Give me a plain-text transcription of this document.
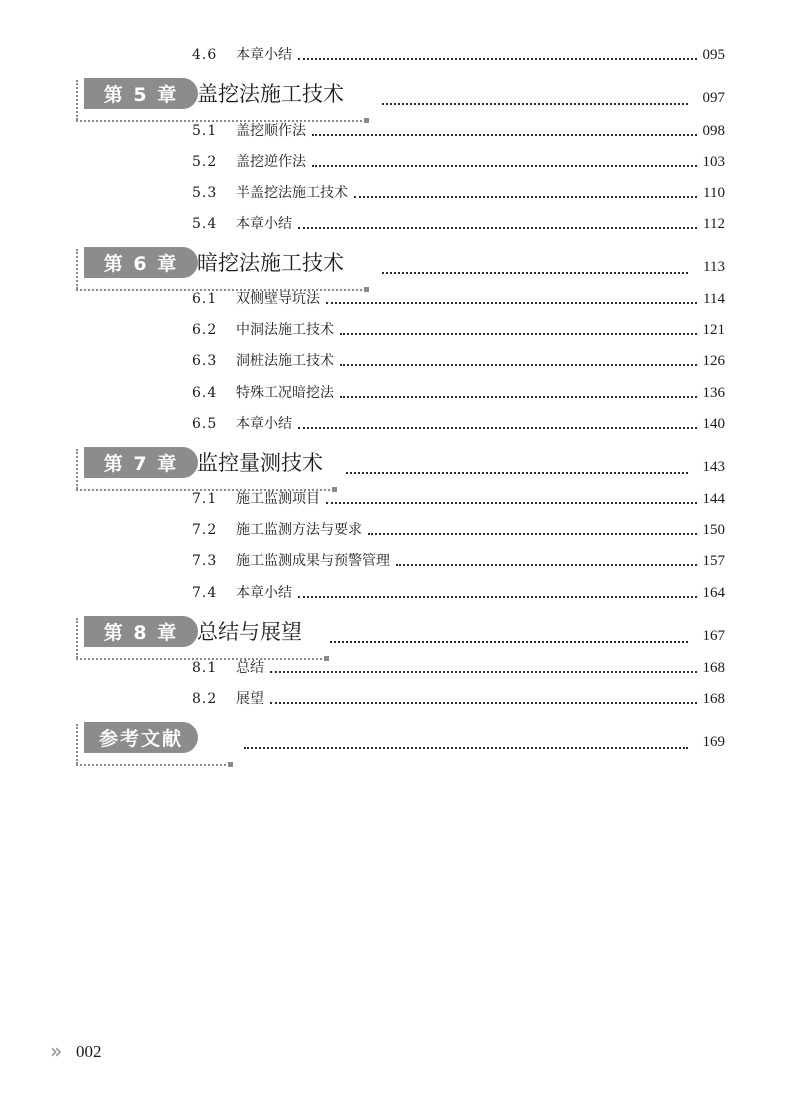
4.6	本章小结	095
第 5 章 盖挖法施工技术	097
5.1	盖挖顺作法	098
5.2	盖挖逆作法	103
5.3	半盖挖法施工技术	110
5.4	本章小结	112
第 6 章 暗挖法施工技术	113
6.1	双侧壁导坑法	114
6.2	中洞法施工技术	121
6.3	洞桩法施工技术	126
6.4	特殊工况暗挖法	136
6.5	本章小结	140
第 7 章 监控量测技术	143
7.1	施工监测项目	144
7.2	施工监测方法与要求	150
7.3	施工监测成果与预警管理	157
7.4	本章小结	164
第 8 章 总结与展望	167
8.1	总结	168
8.2	展望	168
参考文献	169
» 002
